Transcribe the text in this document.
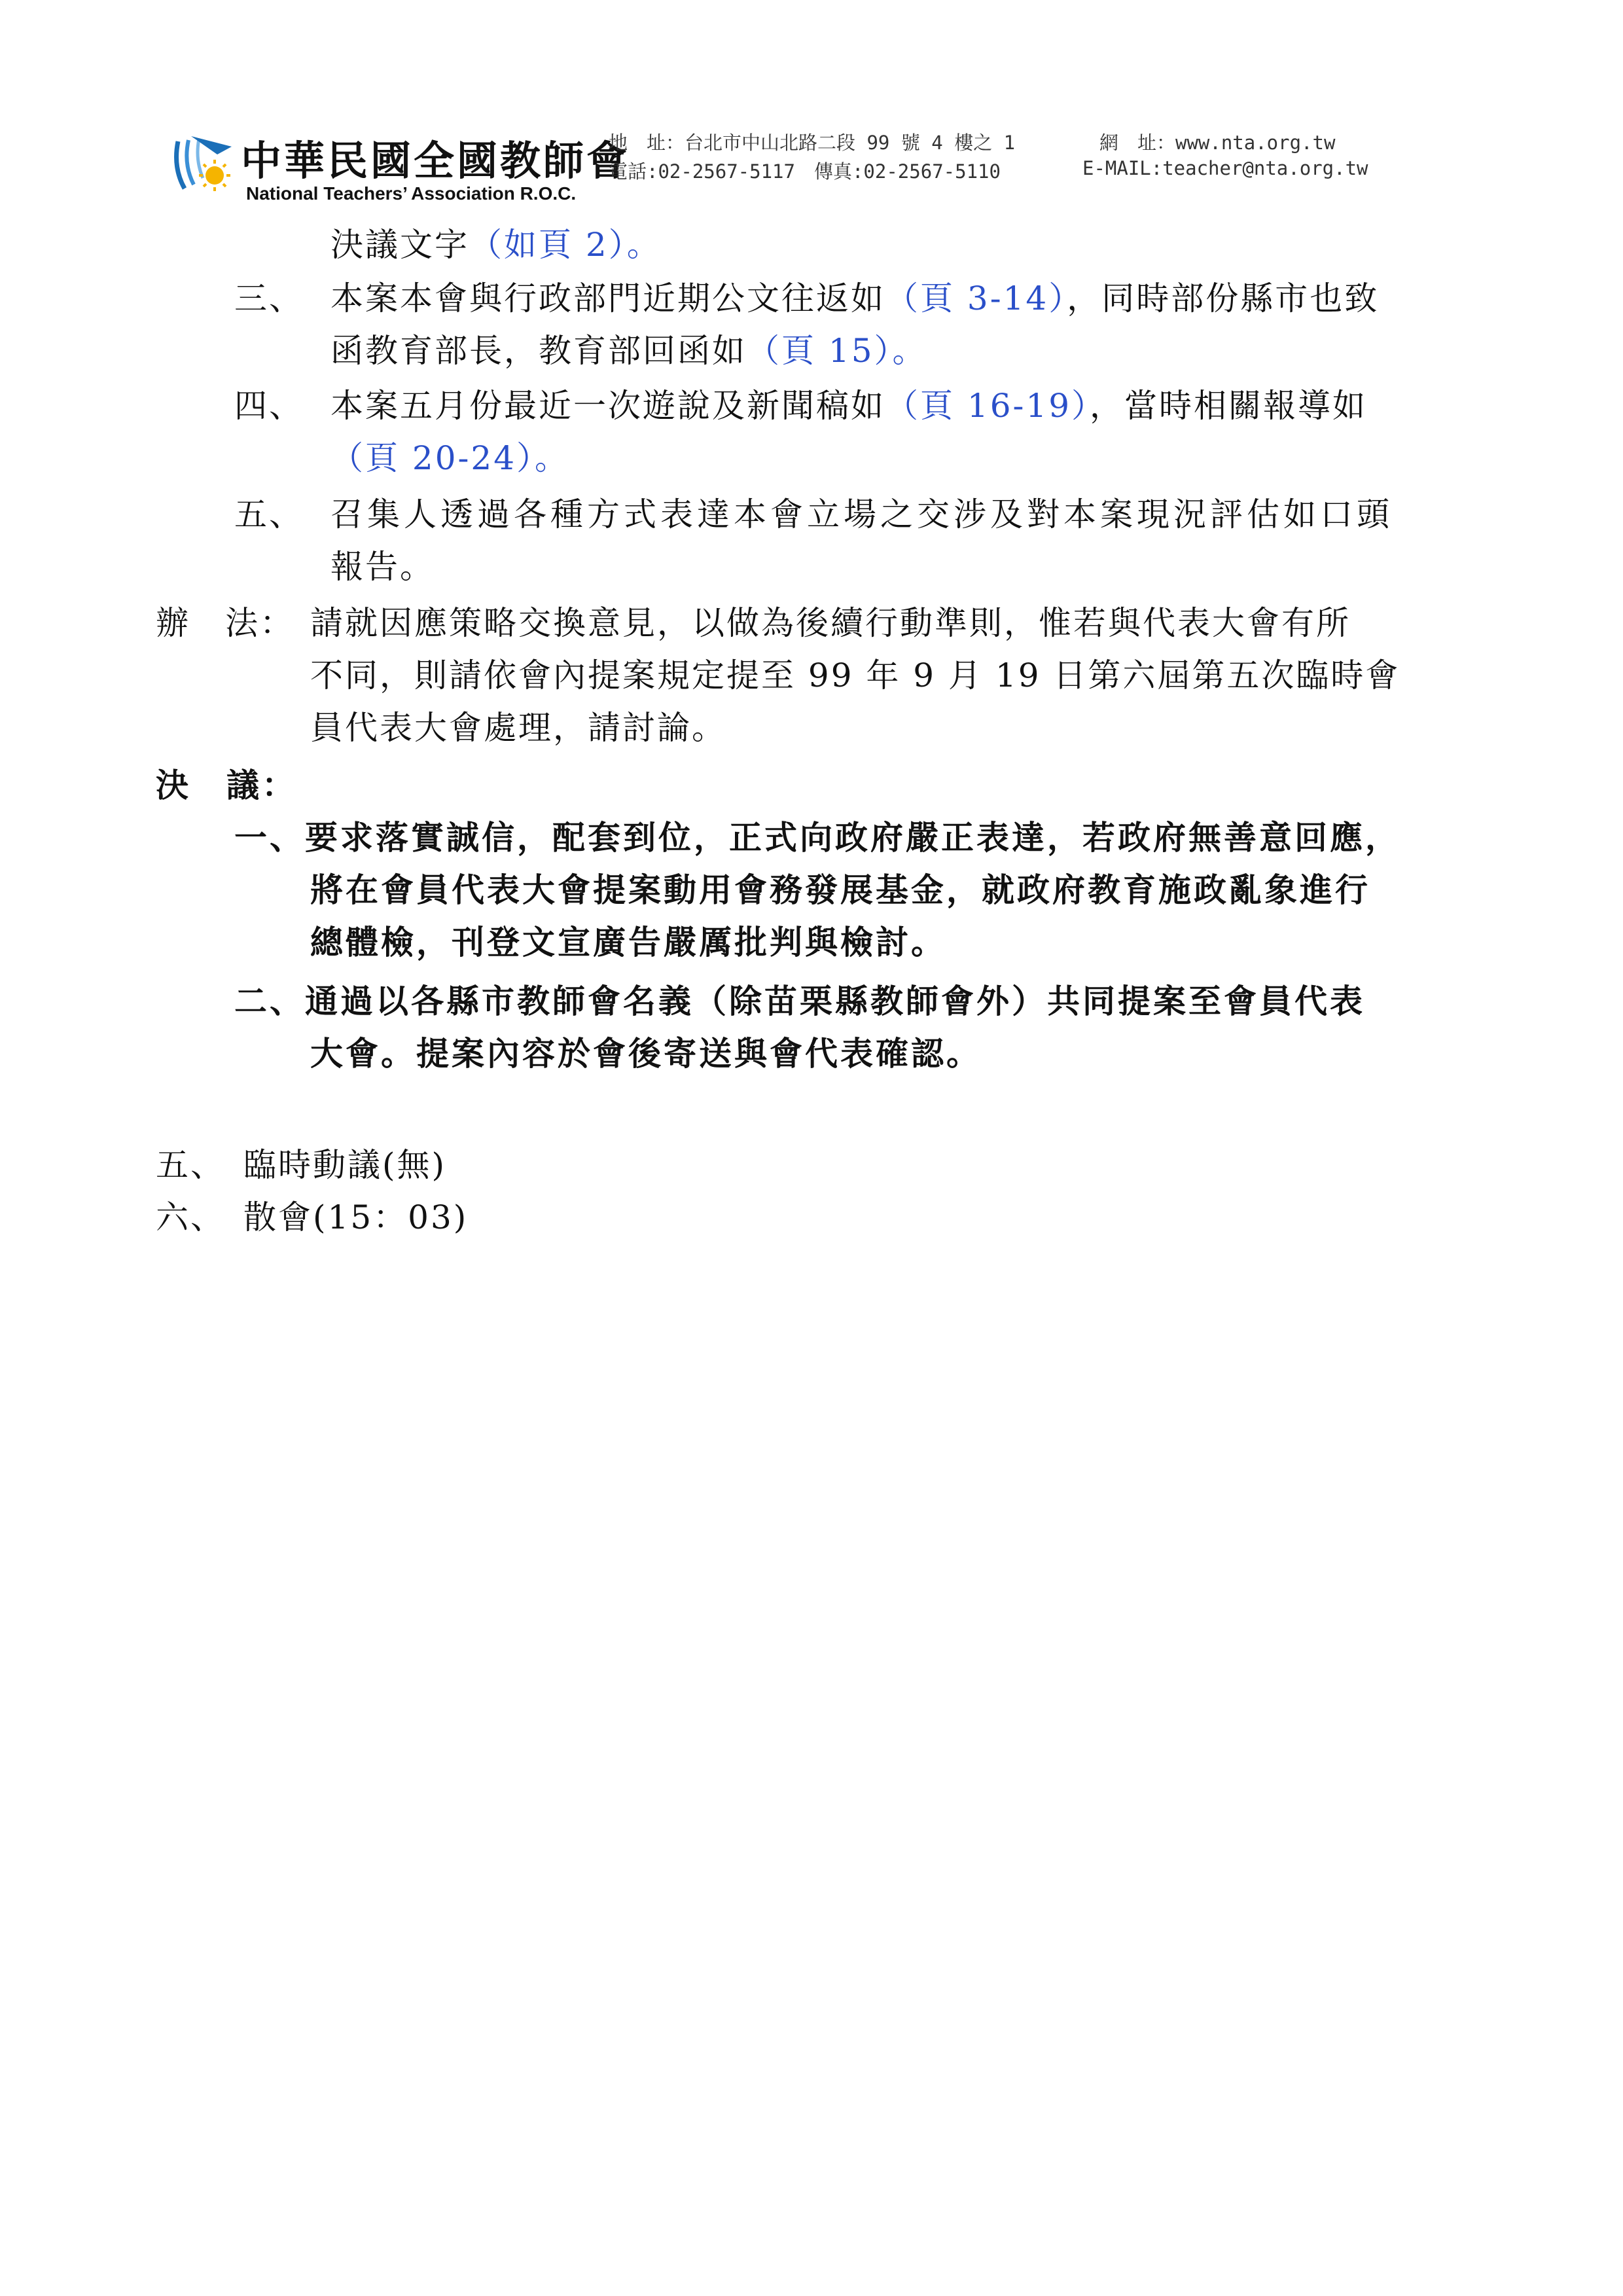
中華民國全國教師會
National Teachers’ Association R.O.C.
地　址：台北市中山北路二段 99 號 4 樓之 1	網　址：www.nta.org.tw
電話:02-2567-5117　傳真:02-2567-5110	E-MAIL:teacher@nta.org.tw
決議文字（如頁 2）。
三、 本案本會與行政部門近期公文往返如（頁 3-14），同時部份縣市也致
函教育部長，教育部回函如（頁 15）。
四、 本案五月份最近一次遊說及新聞稿如（頁 16-19），當時相關報導如
（頁 20-24）。
五、 召集人透過各種方式表達本會立場之交涉及對本案現況評估如口頭
報告。
辦　法： 請就因應策略交換意見，以做為後續行動準則，惟若與代表大會有所
不同，則請依會內提案規定提至 99 年 9 月 19 日第六屆第五次臨時會
員代表大會處理，請討論。
決　議：
一、要求落實誠信，配套到位，正式向政府嚴正表達，若政府無善意回應，
將在會員代表大會提案動用會務發展基金，就政府教育施政亂象進行
總體檢，刊登文宣廣告嚴厲批判與檢討。
二、通過以各縣市教師會名義（除苗栗縣教師會外）共同提案至會員代表
大會。提案內容於會後寄送與會代表確認。
五、　臨時動議(無)
六、　散會(15：03)
